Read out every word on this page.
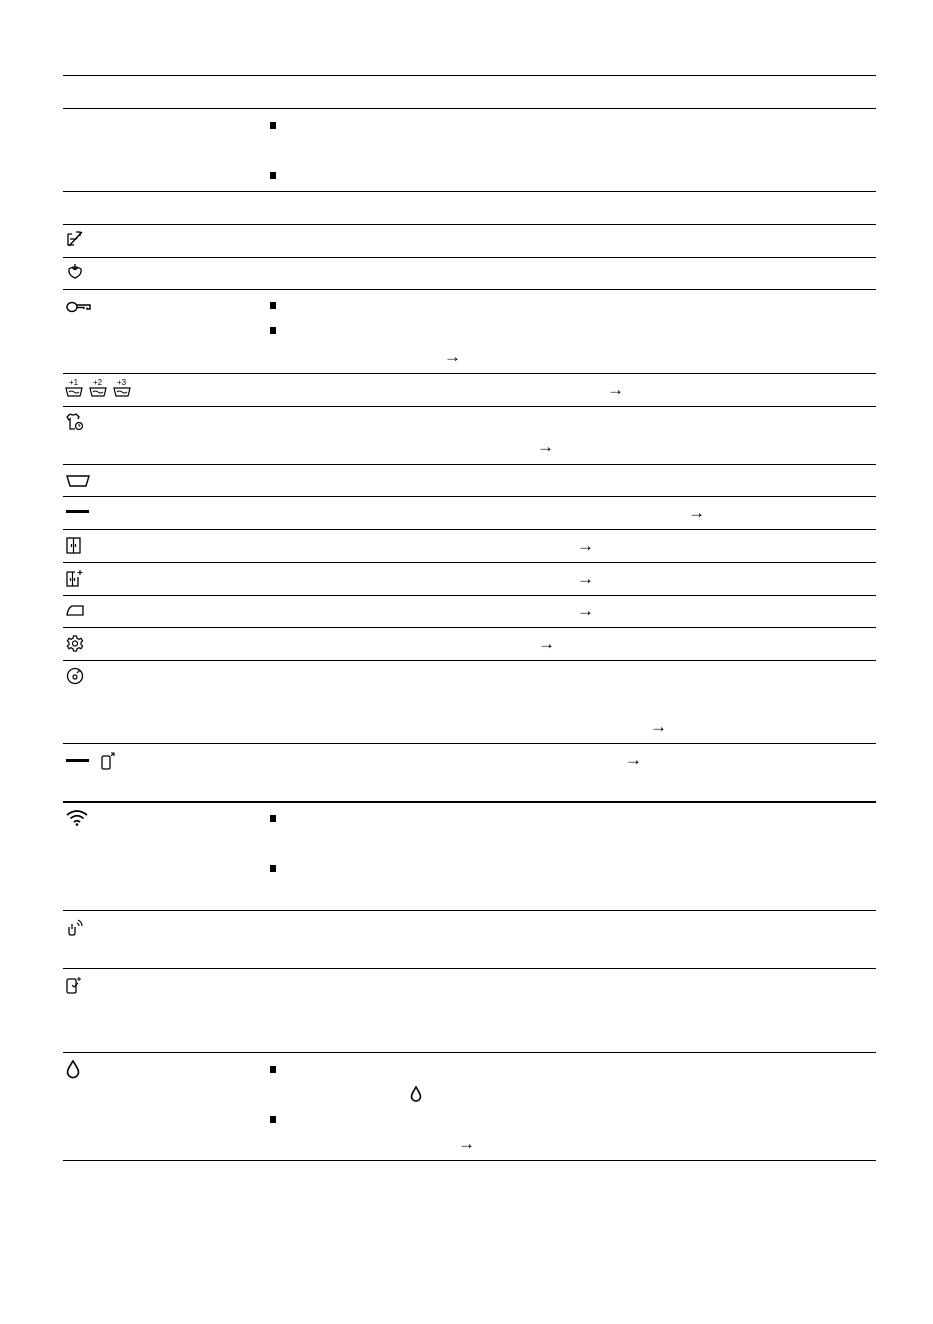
→
→
→
→
→
→
→
→
→
→
→
+1 +2 +3
